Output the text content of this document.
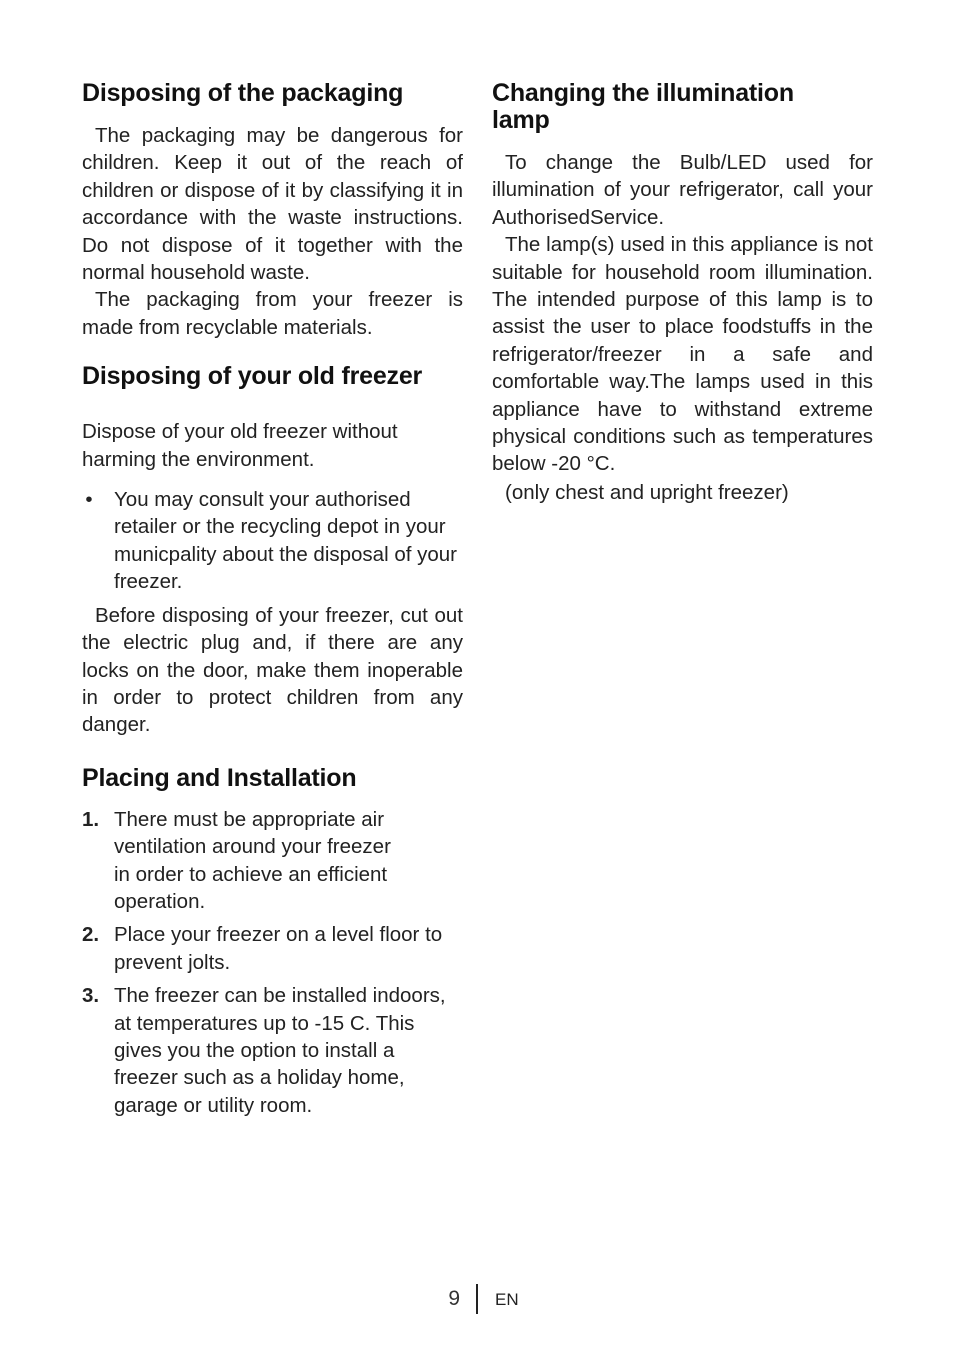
Disposing of the packaging

The packaging may be dangerous for children. Keep it out of the reach of children or dispose of it by classifying it in accordance with the waste instructions. Do not dispose of it together with the normal household waste.

The packaging from your freezer is made from recyclable materials.

Disposing of your old freezer

Dispose of your old freezer without harming the environment.

• You may consult your authorised retailer or the recycling depot in your municpality about the disposal of your freezer.

Before disposing of your freezer, cut out the electric plug and, if there are any locks on the door, make them inoperable in order to protect children from any danger.

Placing and Installation
1. There must be appropriate air ventilation around your freezer in order to achieve an efficient operation.
2. Place your freezer on a level floor to prevent jolts.
3. The freezer can be installed indoors, at temperatures up to -15 C. This gives you the option to install a freezer such as a holiday home, garage or utility room.
Changing the illumination lamp

To change the Bulb/LED used for illumination of your refrigerator, call your AuthorisedService.

The lamp(s) used in this appliance is not suitable for household room illumination. The intended purpose of this lamp is to assist the user to place foodstuffs in the refrigerator/freezer in a safe and comfortable way.The lamps used in this appliance have to withstand extreme physical conditions such as temperatures below -20 °C.

(only chest and upright freezer)

9 EN
